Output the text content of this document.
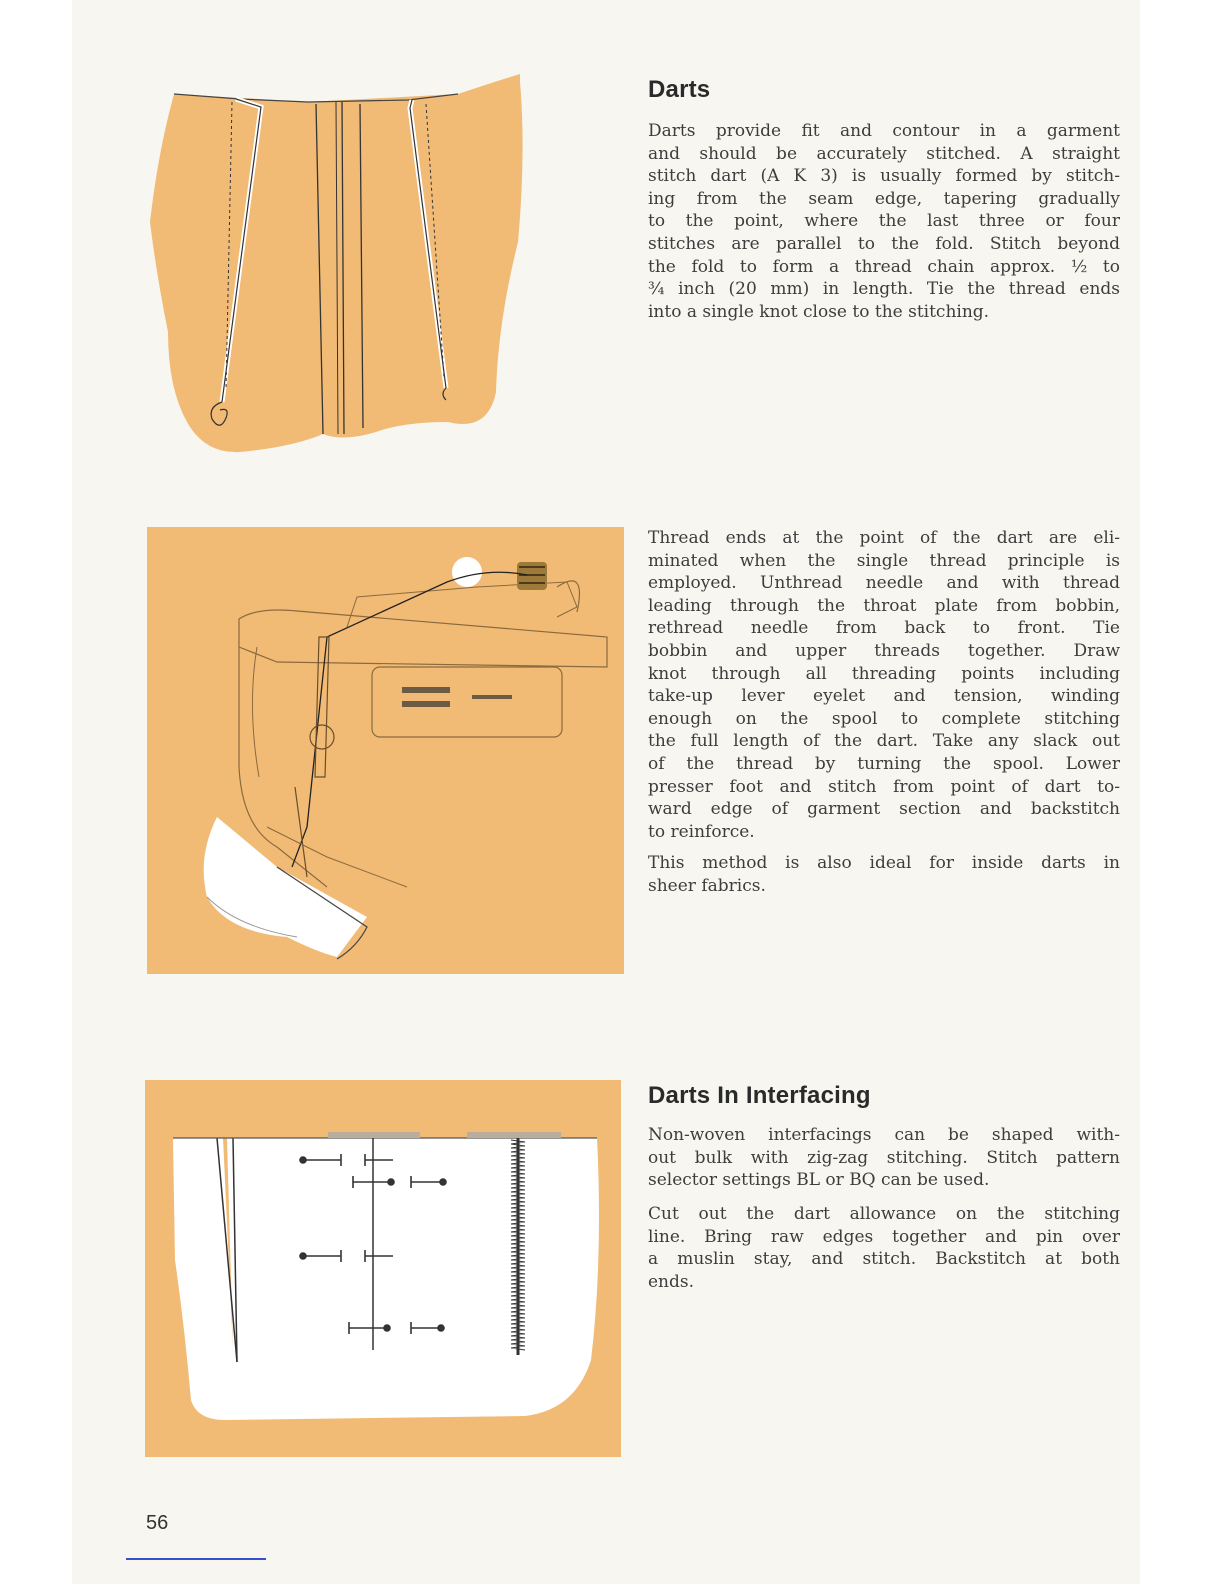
Darts

Darts provide fit and contour in a garment
and should be accurately stitched. A straight
stitch dart (A K 3) is usually formed by stitch-
ing from the seam edge, tapering gradually
to the point, where the last three or four
stitches are parallel to the fold. Stitch beyond
the fold to form a thread chain approx. ½ to
¾ inch (20 mm) in length. Tie the thread ends
into a single knot close to the stitching.

Thread ends at the point of the dart are eli-
minated when the single thread principle is
employed. Unthread needle and with thread
leading through the throat plate from bobbin,
rethread needle from back to front. Tie
bobbin and upper threads together. Draw
knot through all threading points including
take-up lever eyelet and tension, winding
enough on the spool to complete stitching
the full length of the dart. Take any slack out
of the thread by turning the spool. Lower
presser foot and stitch from point of dart to-
ward edge of garment section and backstitch
to reinforce.

This method is also ideal for inside darts in
sheer fabrics.

Darts In Interfacing

Non-woven interfacings can be shaped with-
out bulk with zig-zag stitching. Stitch pattern
selector settings BL or BQ can be used.

Cut out the dart allowance on the stitching
line. Bring raw edges together and pin over
a muslin stay, and stitch. Backstitch at both
ends.

56
